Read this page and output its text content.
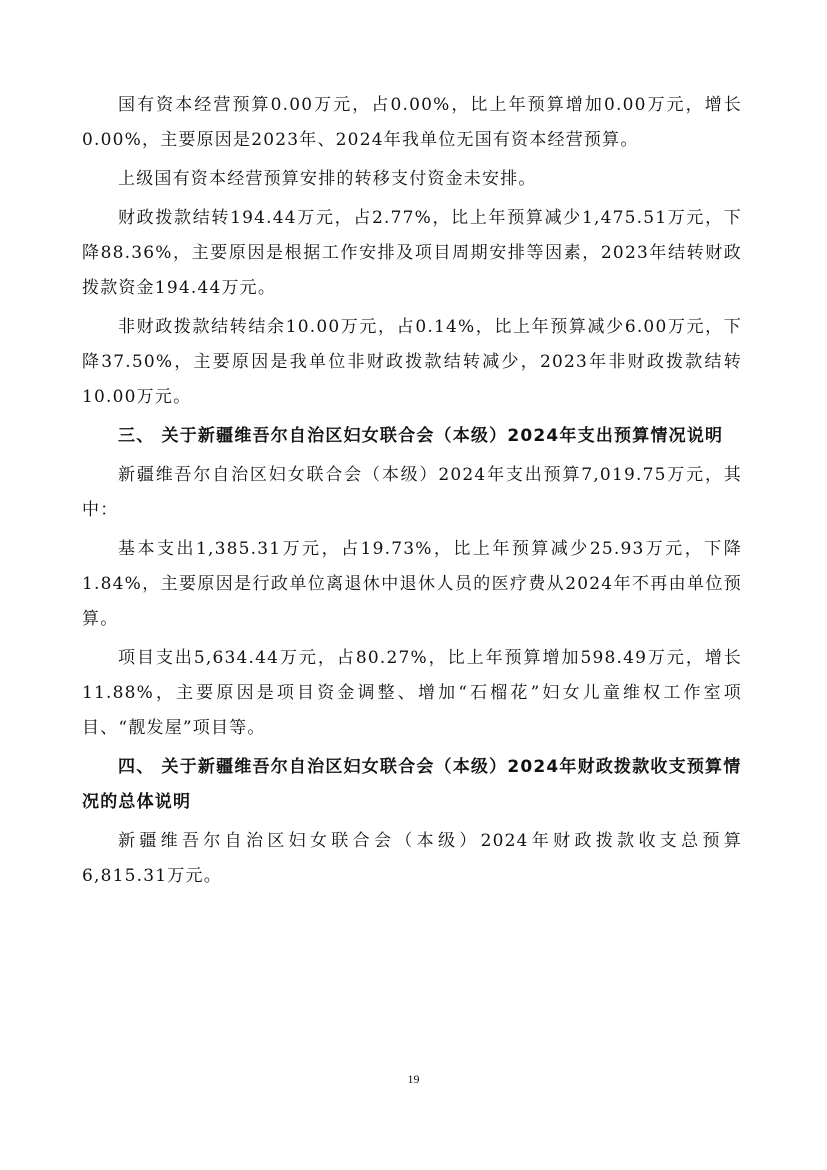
国有资本经营预算0.00万元，占0.00%，比上年预算增加0.00万元，增长0.00%，主要原因是2023年、2024年我单位无国有资本经营预算。

上级国有资本经营预算安排的转移支付资金未安排。

财政拨款结转194.44万元，占2.77%，比上年预算减少1,475.51万元，下降88.36%，主要原因是根据工作安排及项目周期安排等因素，2023年结转财政拨款资金194.44万元。

非财政拨款结转结余10.00万元，占0.14%，比上年预算减少6.00万元，下降37.50%，主要原因是我单位非财政拨款结转减少，2023年非财政拨款结转10.00万元。

三、 关于新疆维吾尔自治区妇女联合会（本级）2024年支出预算情况说明

新疆维吾尔自治区妇女联合会（本级）2024年支出预算7,019.75万元，其中：

基本支出1,385.31万元，占19.73%，比上年预算减少25.93万元，下降1.84%，主要原因是行政单位离退休中退休人员的医疗费从2024年不再由单位预算。

项目支出5,634.44万元，占80.27%，比上年预算增加598.49万元，增长11.88%，主要原因是项目资金调整、增加“石榴花”妇女儿童维权工作室项目、“靓发屋”项目等。

四、 关于新疆维吾尔自治区妇女联合会（本级）2024年财政拨款收支预算情况的总体说明

新疆维吾尔自治区妇女联合会（本级）2024年财政拨款收支总预算6,815.31万元。

19
